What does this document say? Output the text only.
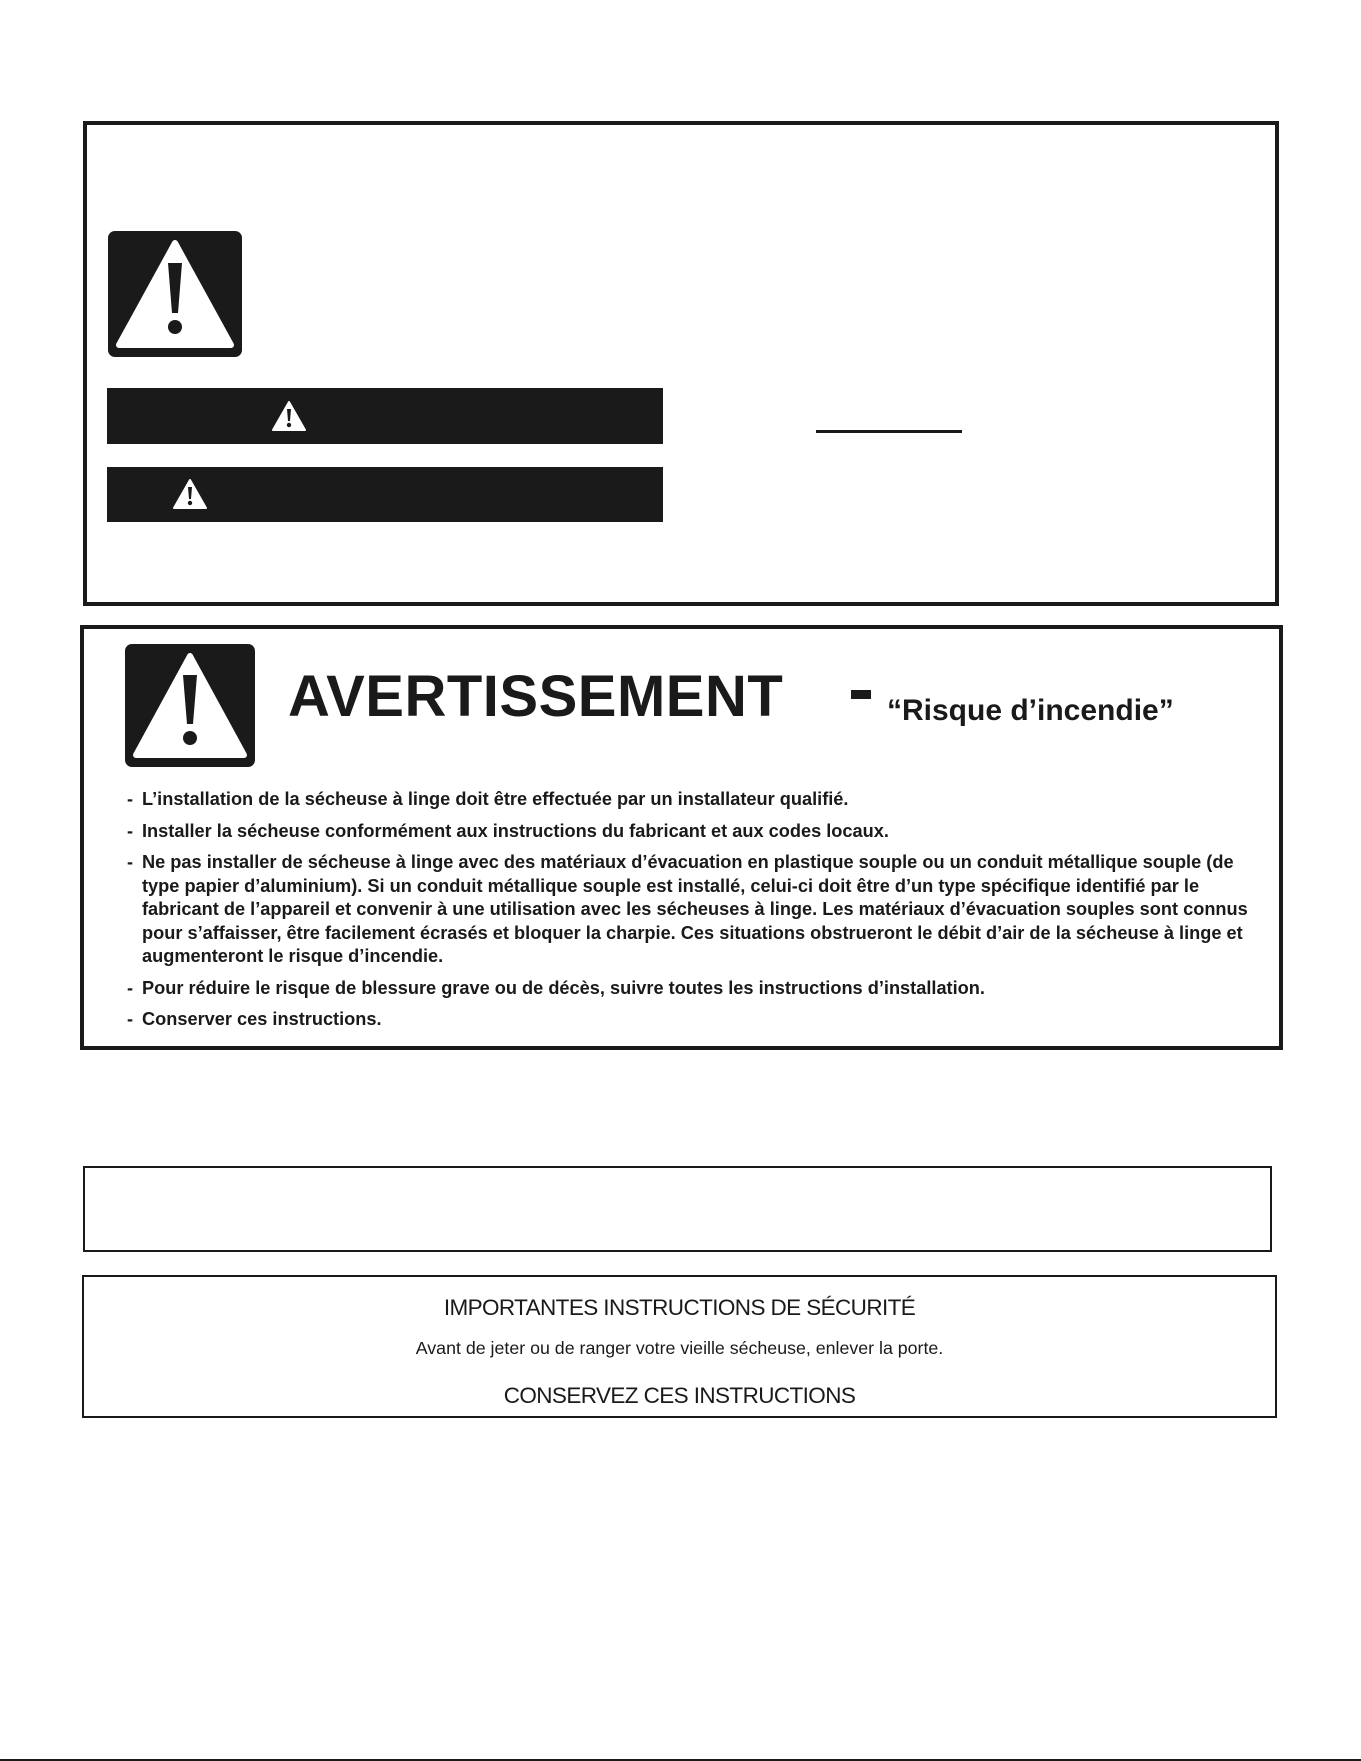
AVERTISSEMENT	“Risque d’incendie”
- L’installation de la sécheuse à linge doit être effectuée par un installateur qualifié.
- Installer la sécheuse conformément aux instructions du fabricant et aux codes locaux.
- Ne pas installer de sécheuse à linge avec des matériaux d’évacuation en plastique souple ou un conduit métallique souple (de type papier d’aluminium). Si un conduit métallique souple est installé, celui-ci doit être d’un type spécifique identifié par le fabricant de l’appareil et convenir à une utilisation avec les sécheuses à linge. Les matériaux d’évacuation souples sont connus pour s’affaisser, être facilement écrasés et bloquer la charpie. Ces situations obstrueront le débit d’air de la sécheuse à linge et augmenteront le risque d’incendie.
- Pour réduire le risque de blessure grave ou de décès, suivre toutes les instructions d’installation.
- Conserver ces instructions.
IMPORTANTES INSTRUCTIONS DE SÉCURITÉ
Avant de jeter ou de ranger votre vieille sécheuse, enlever la porte.
CONSERVEZ CES INSTRUCTIONS
